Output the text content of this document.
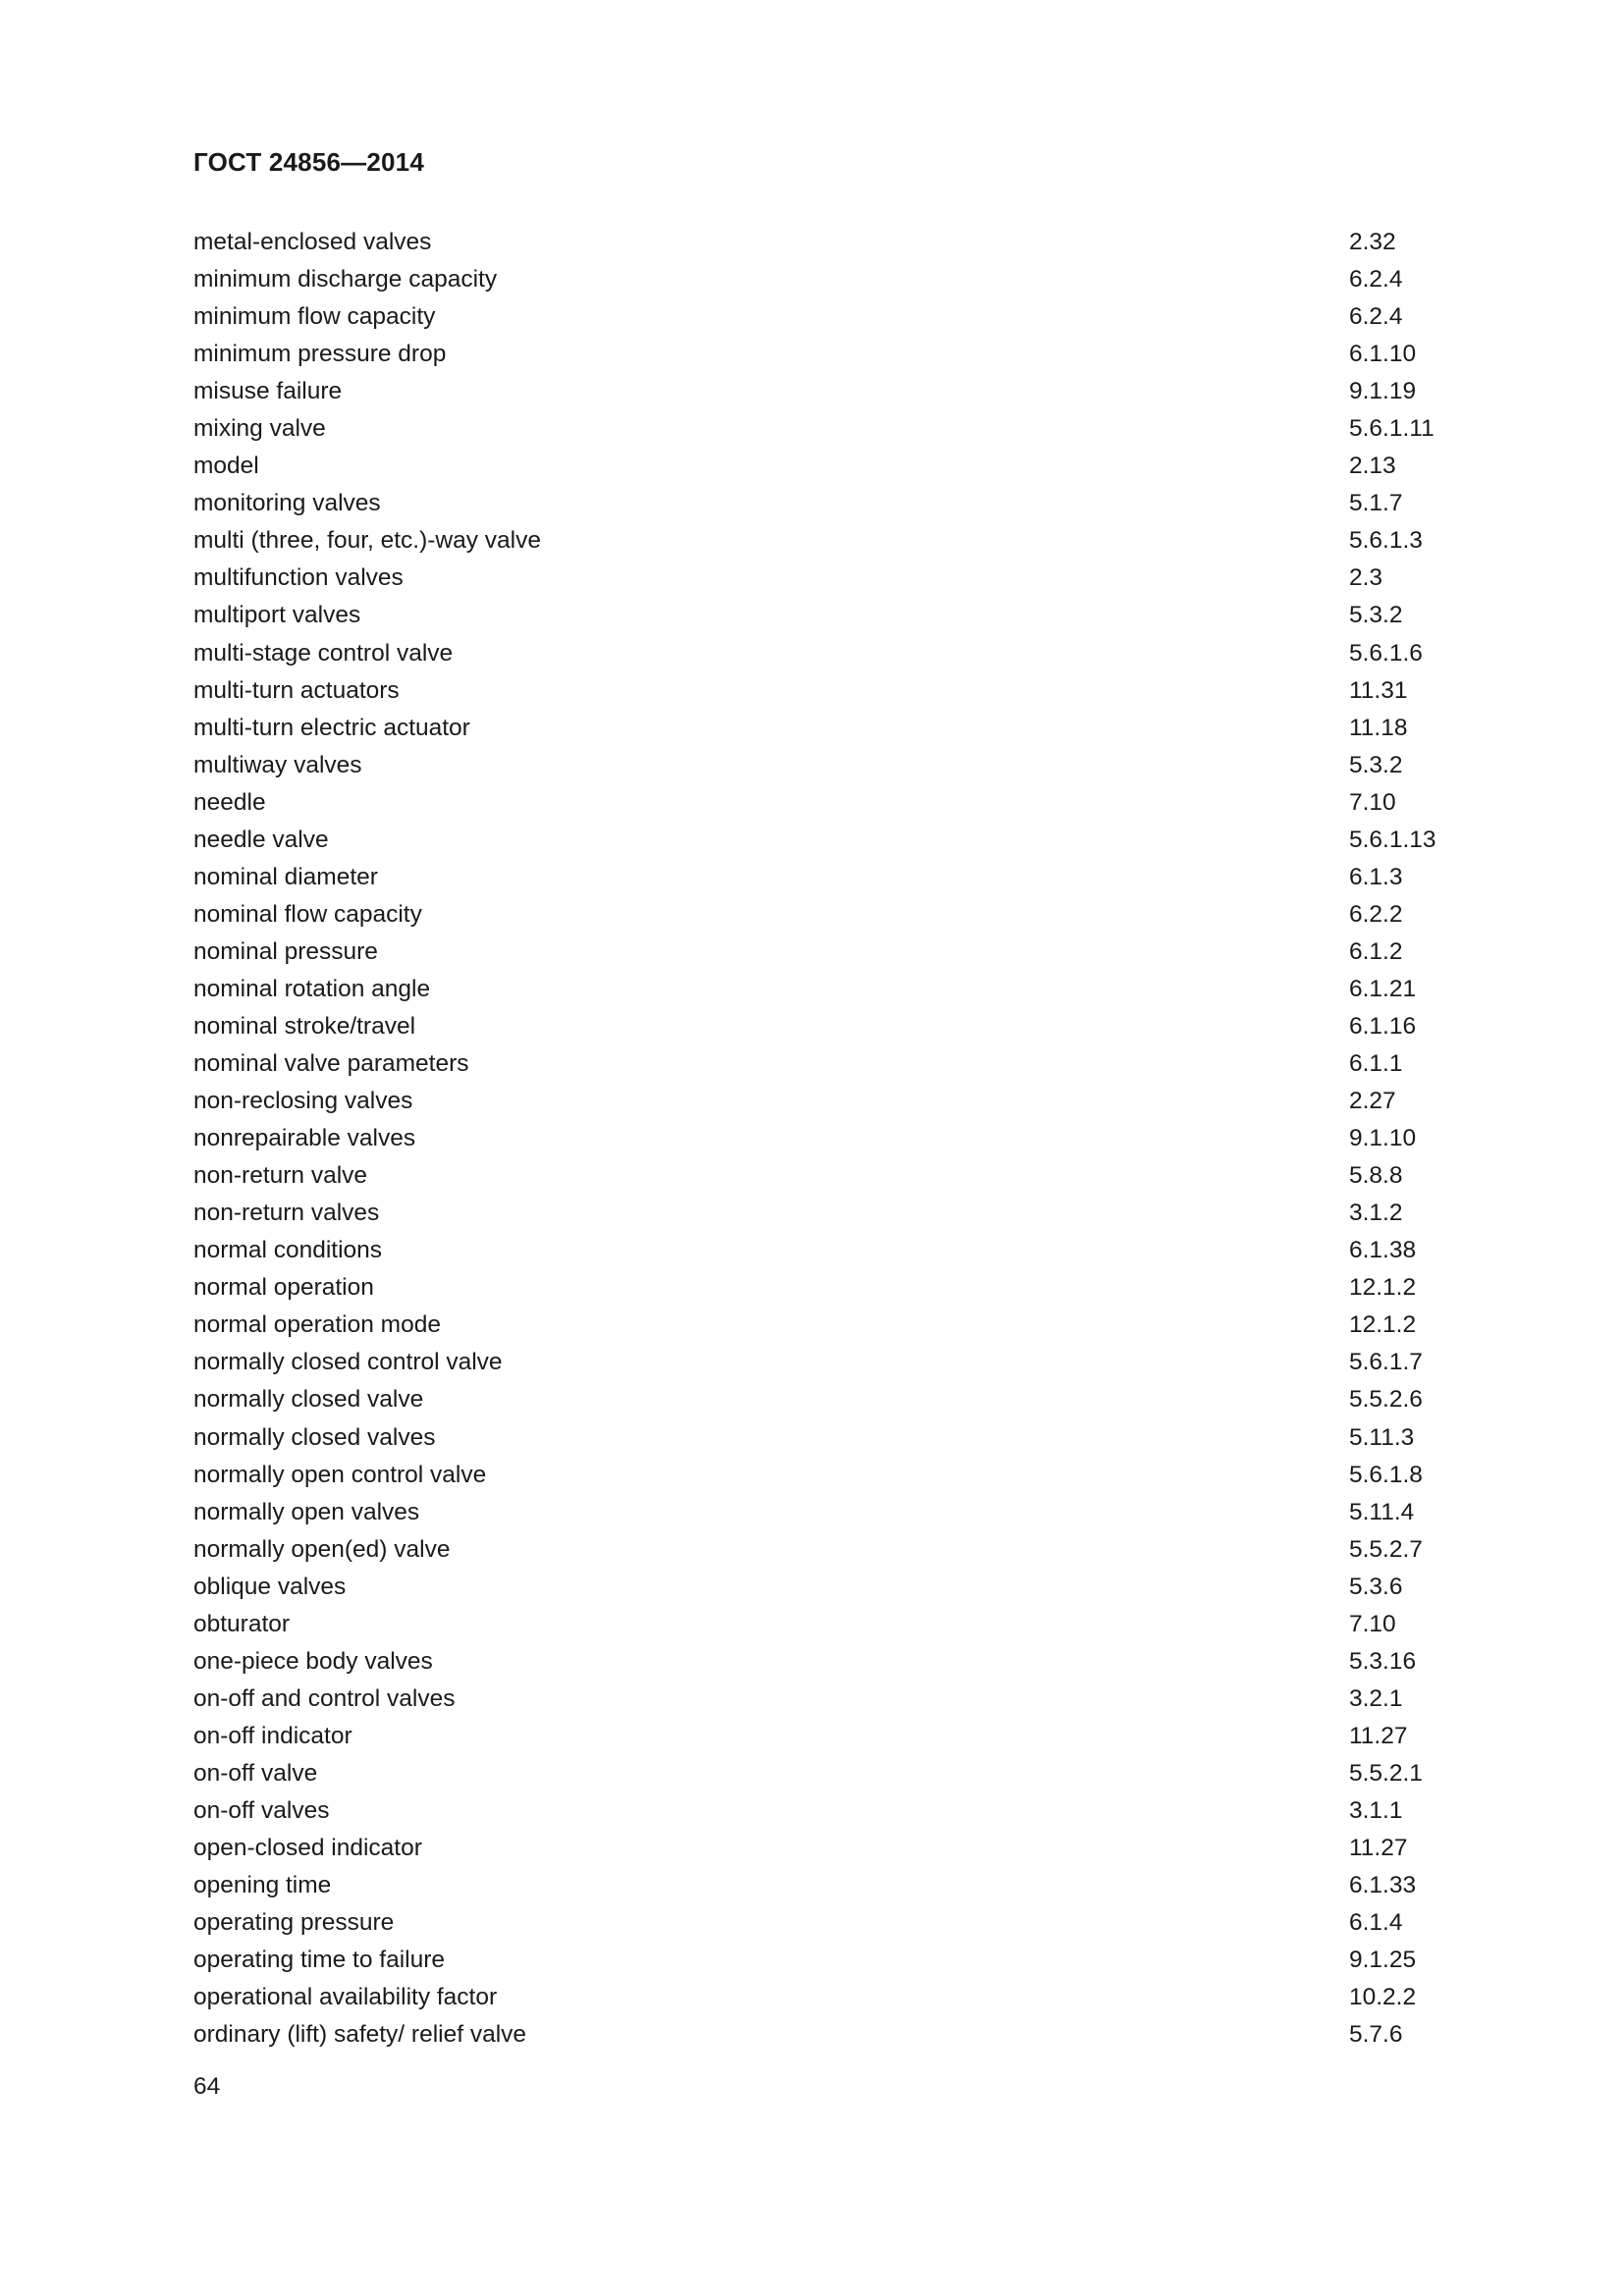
ГОСТ 24856—2014
metal-enclosed valves	2.32
minimum discharge capacity	6.2.4
minimum flow capacity	6.2.4
minimum pressure drop	6.1.10
misuse failure	9.1.19
mixing valve	5.6.1.11
model	2.13
monitoring valves	5.1.7
multi (three, four, etc.)-way valve	5.6.1.3
multifunction valves	2.3
multiport valves	5.3.2
multi-stage control valve	5.6.1.6
multi-turn actuators	11.31
multi-turn electric actuator	11.18
multiway valves	5.3.2
needle	7.10
needle valve	5.6.1.13
nominal diameter	6.1.3
nominal flow capacity	6.2.2
nominal pressure	6.1.2
nominal rotation angle	6.1.21
nominal stroke/travel	6.1.16
nominal valve parameters	6.1.1
non-reclosing valves	2.27
nonrepairable valves	9.1.10
non-return valve	5.8.8
non-return valves	3.1.2
normal conditions	6.1.38
normal operation	12.1.2
normal operation mode	12.1.2
normally closed control valve	5.6.1.7
normally closed valve	5.5.2.6
normally closed valves	5.11.3
normally open control valve	5.6.1.8
normally open valves	5.11.4
normally open(ed) valve	5.5.2.7
oblique valves	5.3.6
obturator	7.10
one-piece body valves	5.3.16
on-off and control valves	3.2.1
on-off indicator	11.27
on-off valve	5.5.2.1
on-off valves	3.1.1
open-closed indicator	11.27
opening time	6.1.33
operating pressure	6.1.4
operating time to failure	9.1.25
operational availability factor	10.2.2
ordinary (lift) safety/ relief valve	5.7.6
64
